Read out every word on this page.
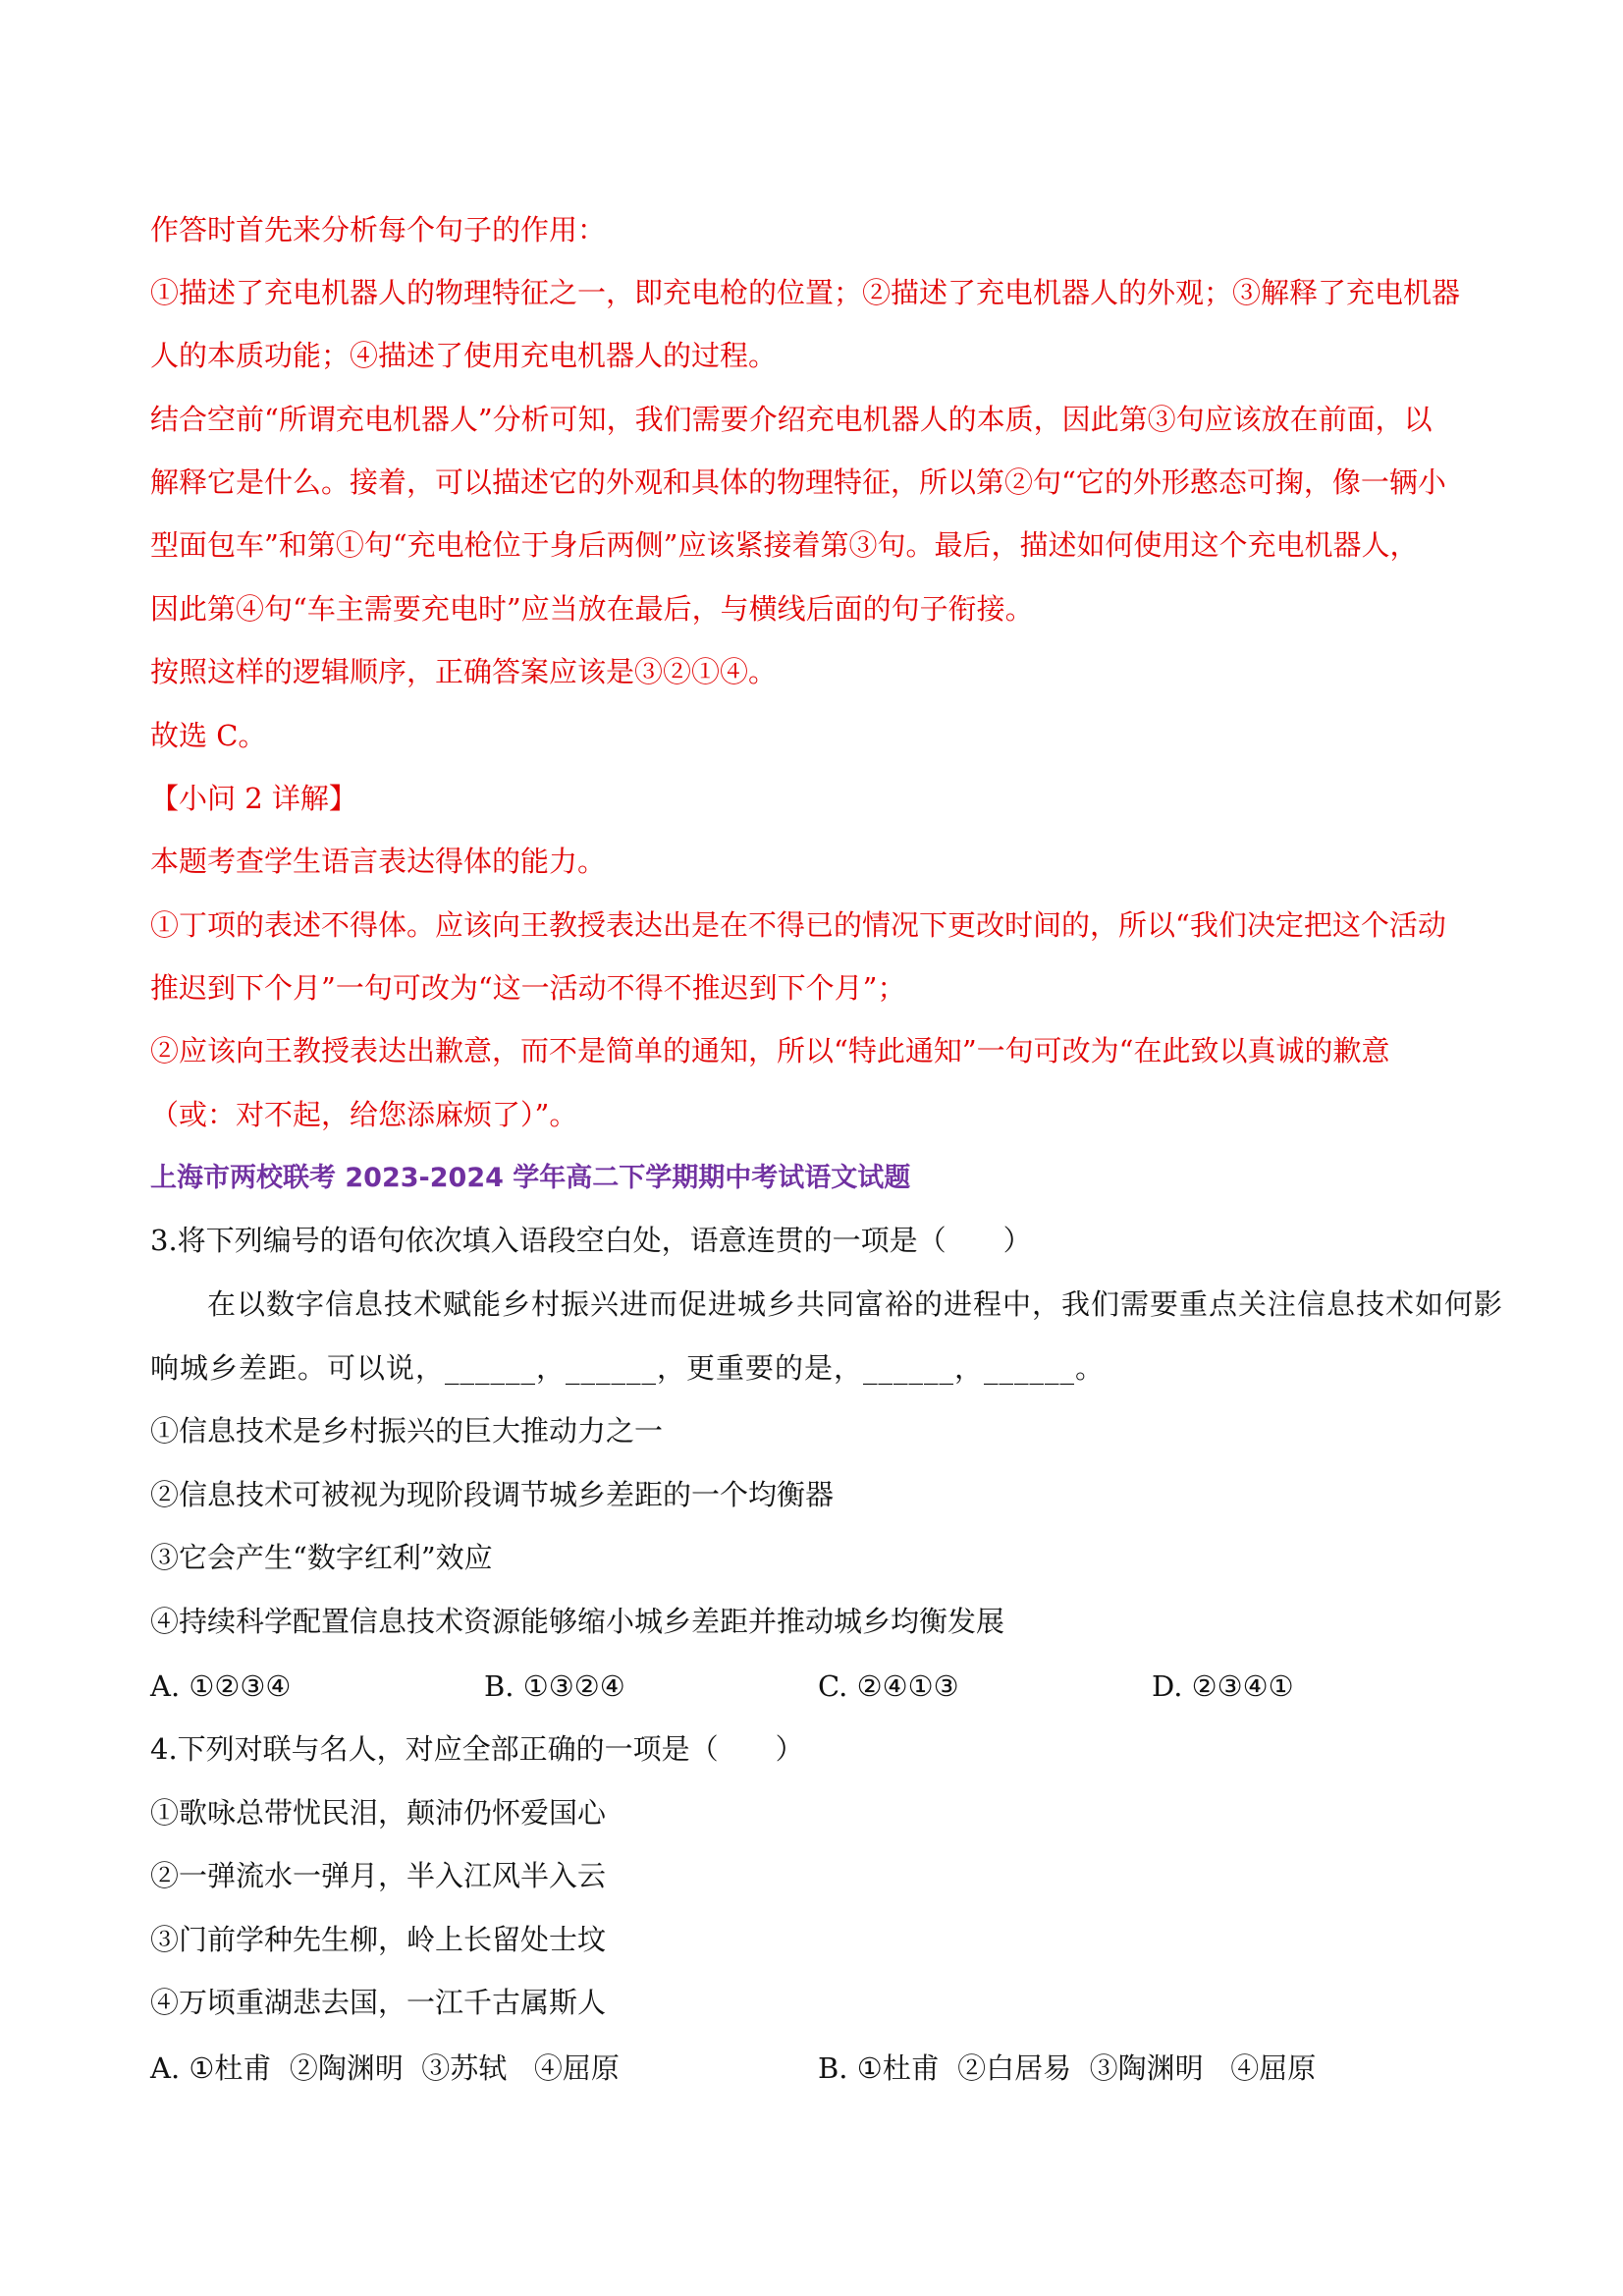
作答时首先来分析每个句子的作用：
①描述了充电机器人的物理特征之一，即充电枪的位置；②描述了充电机器人的外观；③解释了充电机器
人的本质功能；④描述了使用充电机器人的过程。
结合空前“所谓充电机器人”分析可知，我们需要介绍充电机器人的本质，因此第③句应该放在前面，以
解释它是什么。接着，可以描述它的外观和具体的物理特征，所以第②句“它的外形憨态可掬，像一辆小
型面包车”和第①句“充电枪位于身后两侧”应该紧接着第③句。最后，描述如何使用这个充电机器人，
因此第④句“车主需要充电时”应当放在最后，与横线后面的句子衔接。
按照这样的逻辑顺序，正确答案应该是③②①④。
故选 C。
【小问 2 详解】
本题考查学生语言表达得体的能力。
①丁项的表述不得体。应该向王教授表达出是在不得已的情况下更改时间的，所以“我们决定把这个活动
推迟到下个月”一句可改为“这一活动不得不推迟到下个月”；
②应该向王教授表达出歉意，而不是简单的通知，所以“特此通知”一句可改为“在此致以真诚的歉意
（或：对不起，给您添麻烦了）”。
上海市两校联考 2023-2024 学年高二下学期期中考试语文试题
3.将下列编号的语句依次填入语段空白处，语意连贯的一项是（　　）
在以数字信息技术赋能乡村振兴进而促进城乡共同富裕的进程中，我们需要重点关注信息技术如何影
响城乡差距。可以说，______，______，更重要的是，______，______。
①信息技术是乡村振兴的巨大推动力之一
②信息技术可被视为现阶段调节城乡差距的一个均衡器
③它会产生“数字红利”效应
④持续科学配置信息技术资源能够缩小城乡差距并推动城乡均衡发展
A. ①②③④	B. ①③②④	C. ②④①③	D. ②③④①
4.下列对联与名人，对应全部正确的一项是（　　）
①歌咏总带忧民泪，颠沛仍怀爱国心
②一弹流水一弹月，半入江风半入云
③门前学种先生柳，岭上长留处士坟
④万顷重湖悲去国，一江千古属斯人
A. ①杜甫  ②陶渊明  ③苏轼   ④屈原	B. ①杜甫  ②白居易  ③陶渊明   ④屈原
